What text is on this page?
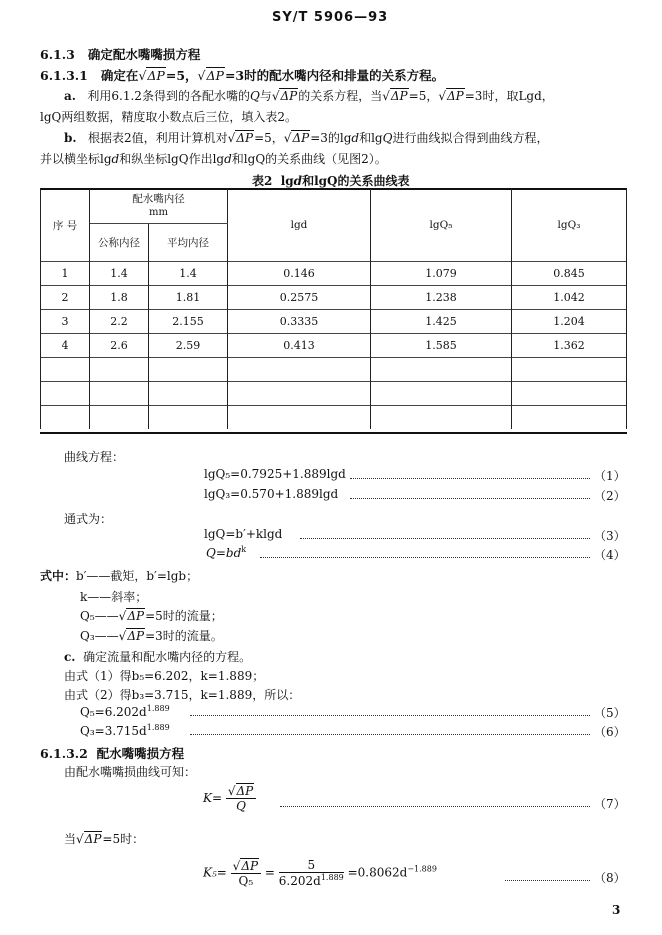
SY/T 5906—93
6.1.3 确定配水嘴嘴损方程
6.1.3.1 确定在√ΔP=5，√ΔP=3时的配水嘴内径和排量的关系方程。
a. 利用6.1.2条得到的各配水嘴的Q与√ΔP的关系方程，当√ΔP=5，√ΔP=3时，取Lgd，
lgQ两组数据，精度取小数点后三位，填入表2。
b. 根据表2值，利用计算机对√ΔP=5，√ΔP=3的lgd和lgQ进行曲线拟合得到曲线方程，
并以横坐标lgd和纵坐标lgQ作出lgd和lgQ的关系曲线（见图2）。
表2 lgd和lgQ的关系曲线表
序 号	配水嘴内径
mm		lgd	lgQ₅	lgQ₃
	公称内径	平均内径			
1	1.4	1.4	0.146	1.079	0.845
2	1.8	1.81	0.2575	1.238	1.042
3	2.2	2.155	0.3335	1.425	1.204
4	2.6	2.59	0.413	1.585	1.362

曲线方程：
lgQ₅=0.7925+1.889lgd	（1）
lgQ₃=0.570+1.889lgd	（2）
通式为：
lgQ=b′+klgd	（3）
$Q=bd^k$	（4）
式中：b′——截矩，b′=lgb；
k——斜率；
Q₅——√ΔP=5时的流量；
Q₃——√ΔP=3时的流量。
c. 确定流量和配水嘴内径的方程。
由式（1）得b₅=6.202，k=1.889；
由式（2）得b₃=3.715，k=1.889，所以：
$Q_5=6.202d^{1.889}$	（5）
$Q_3=3.715d^{1.889}$	（6）
6.1.3.2 配水嘴嘴损方程
由配水嘴嘴损曲线可知：
$K= \frac{√\Delta P}{Q}$	（7）
当√ΔP=5时：
$K_5= \frac{√\Delta P}{\text{Q₅}} = \frac{5}{6.202d^{1.889}} =0.8062d^{-1.889}$
（8）
3
